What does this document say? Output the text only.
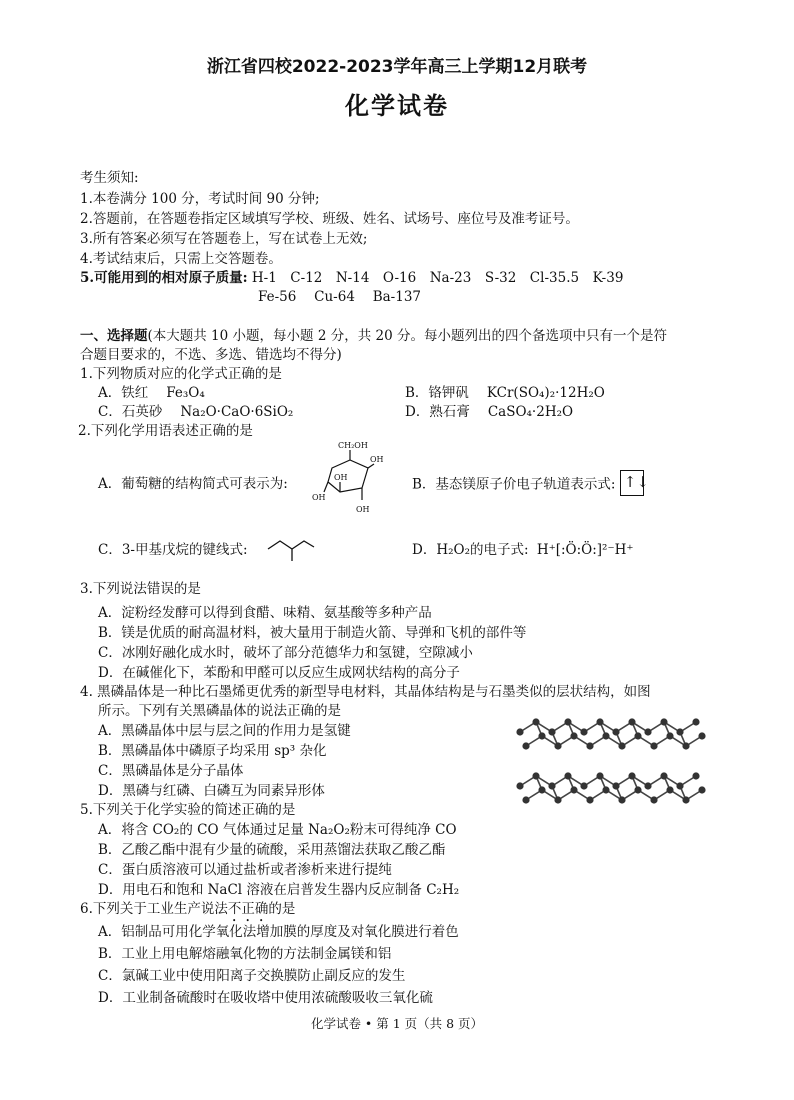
浙江省四校2022-2023学年高三上学期12月联考
化学试卷
考生须知:
1.本卷满分 100 分，考试时间 90 分钟;
2.答题前，在答题卷指定区域填写学校、班级、姓名、试场号、座位号及准考证号。
3.所有答案必须写在答题卷上，写在试卷上无效;
4.考试结束后，只需上交答题卷。
5.可能用到的相对原子质量: H-1　C-12　N-14　O-16　Na-23　S-32　Cl-35.5　K-39
Fe-56　 Cu-64　 Ba-137
一、选择题(本大题共 10 小题，每小题 2 分，共 20 分。每小题列出的四个备选项中只有一个是符
合题目要求的，不选、多选、错选均不得分)
1.下列物质对应的化学式正确的是
A．铁红 Fe₃O₄	B．铬钾矾 KCr(SO₄)₂·12H₂O
C．石英砂 Na₂O·CaO·6SiO₂	D．熟石膏 CaSO₄·2H₂O
2.下列化学用语表述正确的是
A．葡萄糖的结构简式可表示为:
CH₂OH
OH
OH
OH
OH
B．基态镁原子价电子轨道表示式: ↑↓
C．3-甲基戊烷的键线式:	D．H₂O₂的电子式: H⁺[:Ö:Ö:]²⁻H⁺
3.下列说法错误的是
A．淀粉经发酵可以得到食醋、味精、氨基酸等多种产品
B．镁是优质的耐高温材料，被大量用于制造火箭、导弹和飞机的部件等
C．冰刚好融化成水时，破坏了部分范德华力和氢键，空隙减小
D．在碱催化下，苯酚和甲醛可以反应生成网状结构的高分子
4. 黑磷晶体是一种比石墨烯更优秀的新型导电材料，其晶体结构是与石墨类似的层状结构，如图
所示。下列有关黑磷晶体的说法正确的是
A．黑磷晶体中层与层之间的作用力是氢键
B．黑磷晶体中磷原子均采用 sp³ 杂化
C．黑磷晶体是分子晶体
D．黑磷与红磷、白磷互为同素异形体
5.下列关于化学实验的简述正确的是
A．将含 CO₂的 CO 气体通过足量 Na₂O₂粉末可得纯净 CO
B．乙酸乙酯中混有少量的硫酸，采用蒸馏法获取乙酸乙酯
C．蛋白质溶液可以通过盐析或者渗析来进行提纯
D．用电石和饱和 NaCl 溶液在启普发生器内反应制备 C₂H₂
6.下列关于工业生产说法不正确的是
A．铝制品可用化学氧化法增加膜的厚度及对氧化膜进行着色
B．工业上用电解熔融氧化物的方法制金属镁和铝
C．氯碱工业中使用阳离子交换膜防止副反应的发生
D．工业制备硫酸时在吸收塔中使用浓硫酸吸收三氧化硫
化学试卷 • 第 1 页（共 8 页）
